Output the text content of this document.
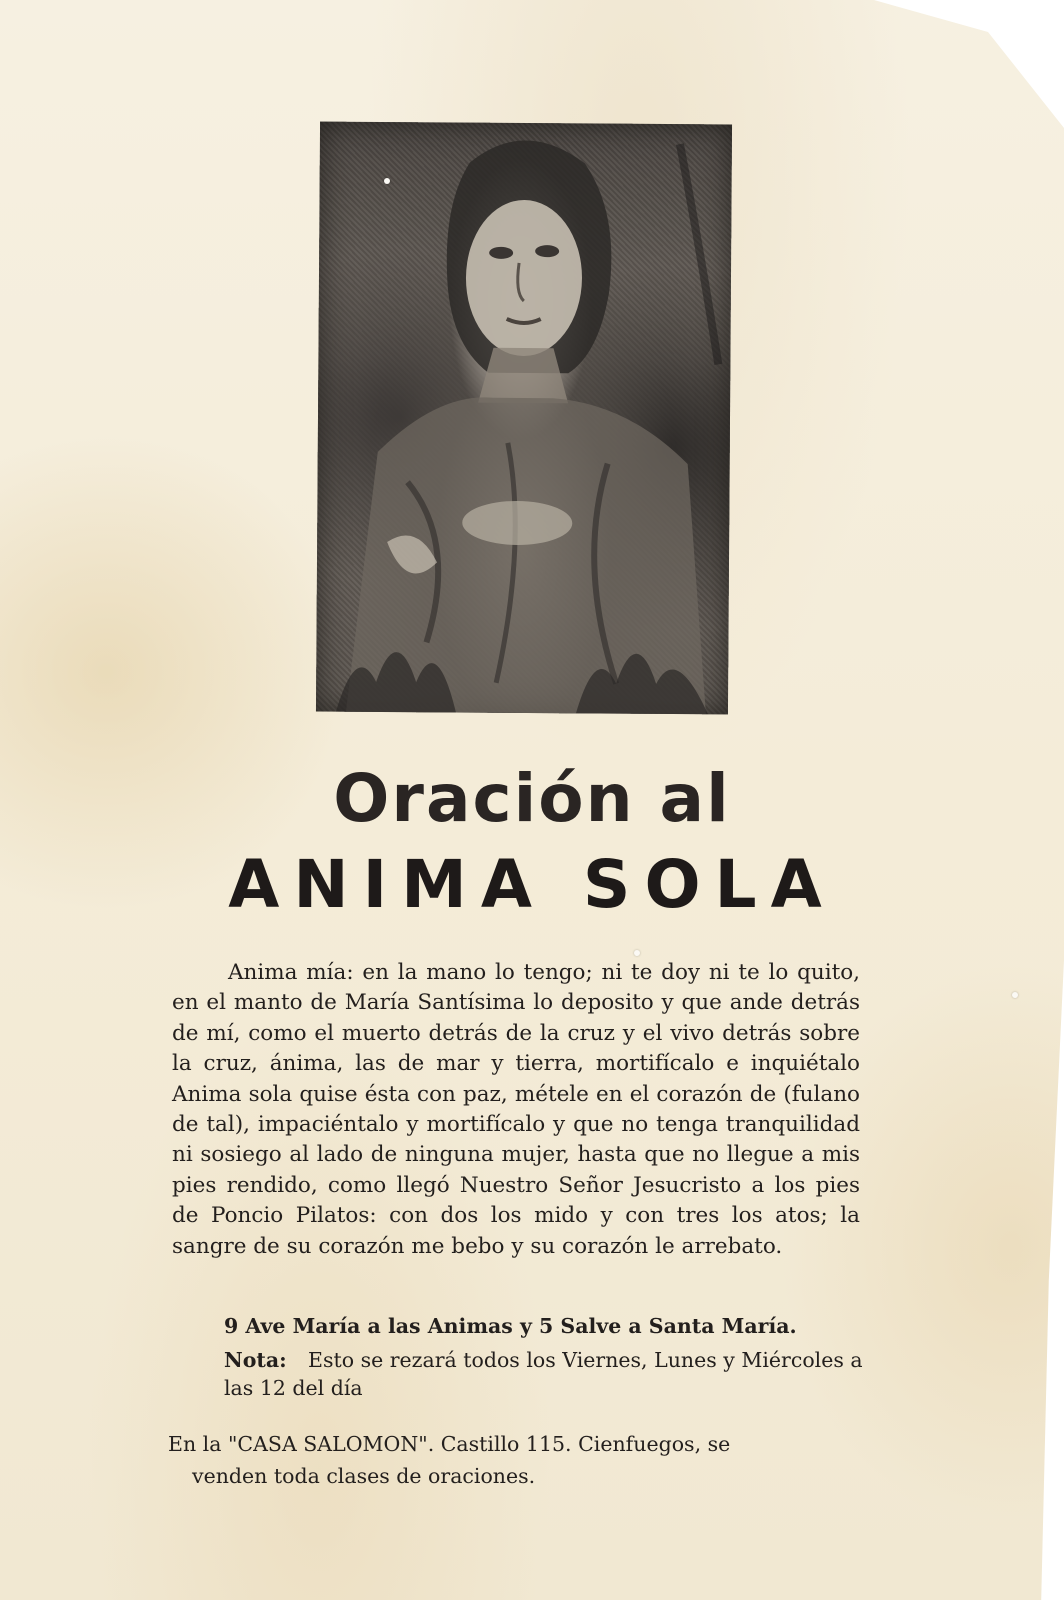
Oración al
ANIMA SOLA

Anima mía: en la mano lo tengo; ni te doy ni te lo quito, en el manto de María Santísima lo deposito y que ande detrás de mí, como el muerto detrás de la cruz y el vivo detrás sobre la cruz, ánima, las de mar y tierra, mortifícalo e inquiétalo Anima sola quise ésta con paz, métele en el corazón de (fulano de tal), impaciéntalo y mortifícalo y que no tenga tranquilidad ni sosiego al lado de ninguna mujer, hasta que no llegue a mis pies rendido, como llegó Nuestro Señor Jesucristo a los pies de Poncio Pilatos: con dos los mido y con tres los atos; la sangre de su corazón me bebo y su corazón le arrebato.

9 Ave María a las Animas y 5 Salve a Santa María.

Nota: Esto se rezará todos los Viernes, Lunes y Miércoles a las 12 del día

En la "CASA SALOMON". Castillo 115. Cienfuegos, se
venden toda clases de oraciones.
